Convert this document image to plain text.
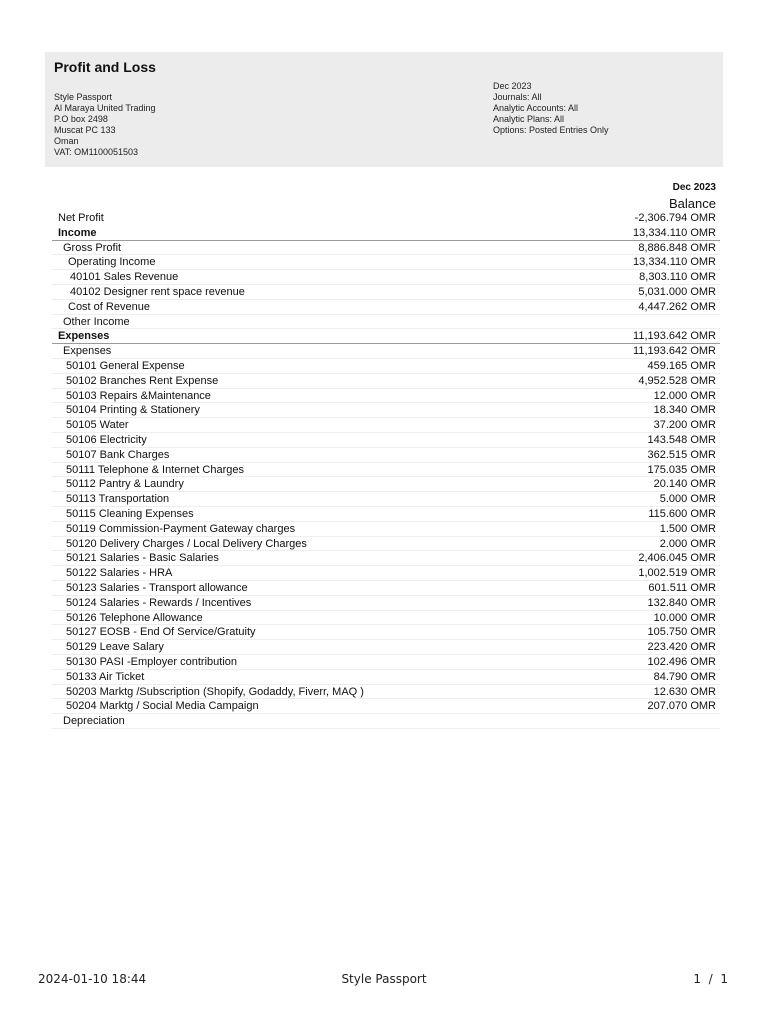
Profit and Loss
Style Passport
Al Maraya United Trading
P.O box 2498
Muscat PC 133
Oman
VAT: OM1100051503
Dec 2023
Journals: All
Analytic Accounts: All
Analytic Plans: All
Options: Posted Entries Only
Dec 2023
Balance
Net Profit	-2,306.794 OMR
Income	13,334.110 OMR
Gross Profit	8,886.848 OMR
Operating Income	13,334.110 OMR
40101 Sales Revenue	8,303.110 OMR
40102 Designer rent space revenue	5,031.000 OMR
Cost of Revenue	4,447.262 OMR
Other Income
Expenses	11,193.642 OMR
Expenses	11,193.642 OMR
50101 General Expense	459.165 OMR
50102 Branches Rent Expense	4,952.528 OMR
50103 Repairs &Maintenance	12.000 OMR
50104 Printing & Stationery	18.340 OMR
50105 Water	37.200 OMR
50106 Electricity	143.548 OMR
50107 Bank Charges	362.515 OMR
50111 Telephone & Internet Charges	175.035 OMR
50112 Pantry & Laundry	20.140 OMR
50113 Transportation	5.000 OMR
50115 Cleaning Expenses	115.600 OMR
50119 Commission-Payment Gateway charges	1.500 OMR
50120 Delivery Charges / Local Delivery Charges	2.000 OMR
50121 Salaries - Basic Salaries	2,406.045 OMR
50122 Salaries - HRA	1,002.519 OMR
50123 Salaries - Transport allowance	601.511 OMR
50124 Salaries - Rewards / Incentives	132.840 OMR
50126 Telephone Allowance	10.000 OMR
50127 EOSB - End Of Service/Gratuity	105.750 OMR
50129 Leave Salary	223.420 OMR
50130 PASI -Employer contribution	102.496 OMR
50133 Air Ticket	84.790 OMR
50203 Marktg /Subscription (Shopify, Godaddy, Fiverr, MAQ )	12.630 OMR
50204 Marktg / Social Media Campaign	207.070 OMR
Depreciation
2024-01-10 18:44	Style Passport	1  /  1
